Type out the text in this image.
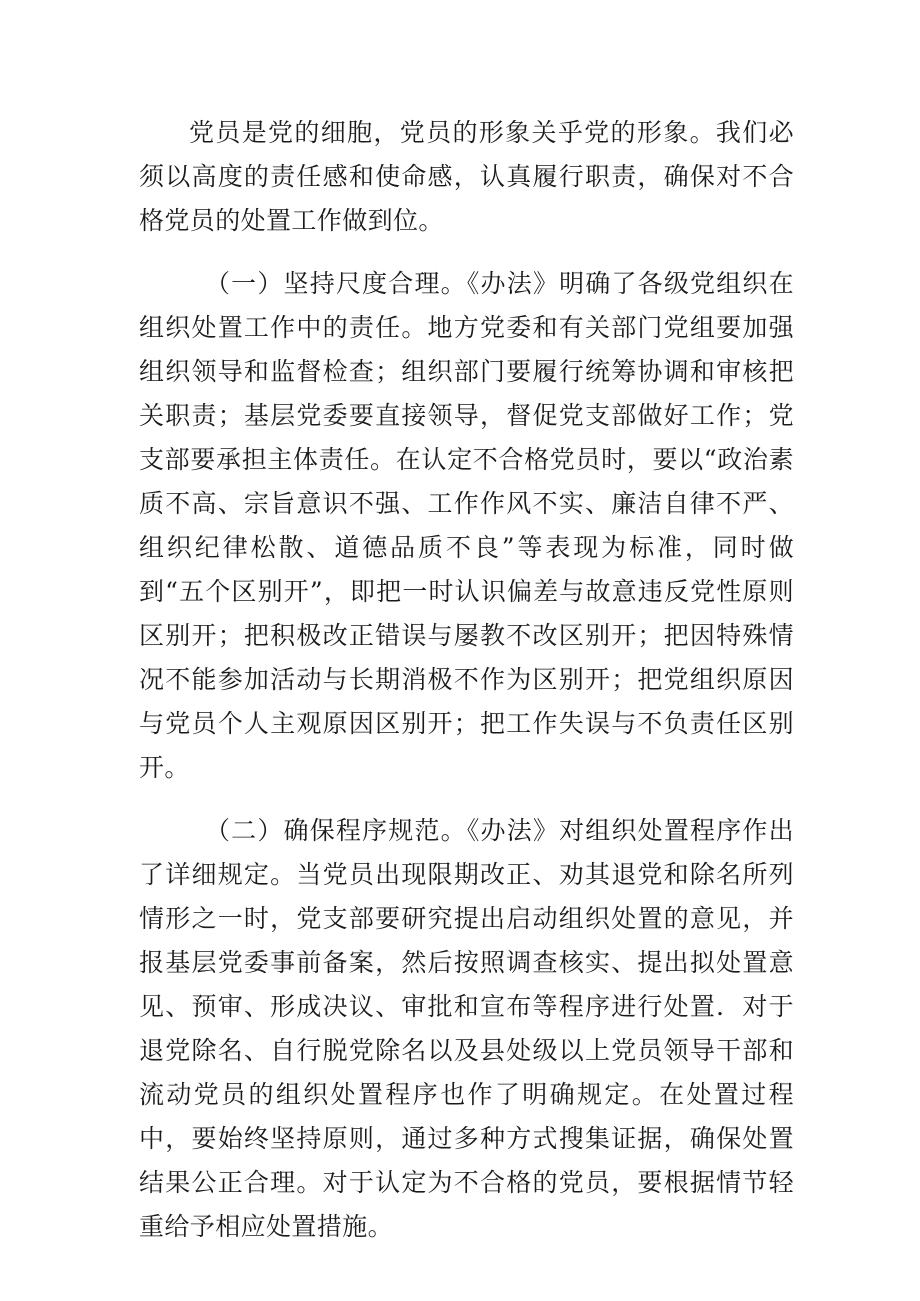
党员是党的细胞，党员的形象关乎党的形象。我们必须以高度的责任感和使命感，认真履行职责，确保对不合格党员的处置工作做到位。

（一）坚持尺度合理。《办法》明确了各级党组织在组织处置工作中的责任。地方党委和有关部门党组要加强组织领导和监督检查；组织部门要履行统筹协调和审核把关职责；基层党委要直接领导，督促党支部做好工作；党支部要承担主体责任。在认定不合格党员时，要以“政治素质不高、宗旨意识不强、工作作风不实、廉洁自律不严、组织纪律松散、道德品质不良”等表现为标准，同时做到“五个区别开”，即把一时认识偏差与故意违反党性原则区别开；把积极改正错误与屡教不改区别开；把因特殊情况不能参加活动与长期消极不作为区别开；把党组织原因与党员个人主观原因区别开；把工作失误与不负责任区别开。

（二）确保程序规范。《办法》对组织处置程序作出了详细规定。当党员出现限期改正、劝其退党和除名所列情形之一时，党支部要研究提出启动组织处置的意见，并报基层党委事前备案，然后按照调查核实、提出拟处置意见、预审、形成决议、审批和宣布等程序进行处置．对于退党除名、自行脱党除名以及县处级以上党员领导干部和流动党员的组织处置程序也作了明确规定。在处置过程中，要始终坚持原则，通过多种方式搜集证据，确保处置结果公正合理。对于认定为不合格的党员，要根据情节轻重给予相应处置措施。
